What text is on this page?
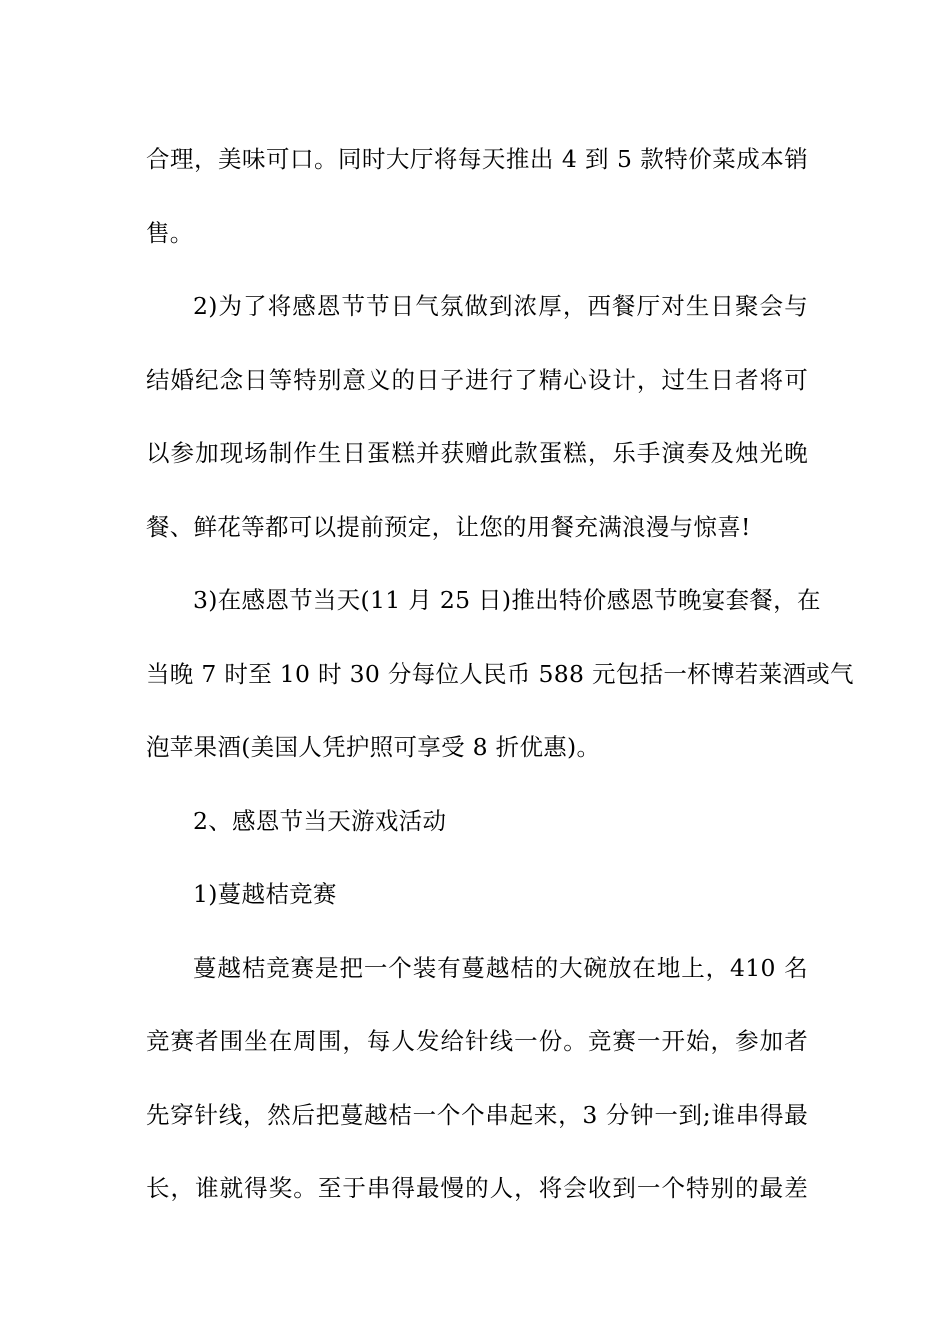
合理，美味可口。同时大厅将每天推出 4 到 5 款特价菜成本销
售。
2)为了将感恩节节日气氛做到浓厚，西餐厅对生日聚会与
结婚纪念日等特别意义的日子进行了精心设计，过生日者将可
以参加现场制作生日蛋糕并获赠此款蛋糕，乐手演奏及烛光晚
餐、鲜花等都可以提前预定，让您的用餐充满浪漫与惊喜!
3)在感恩节当天(11 月 25 日)推出特价感恩节晚宴套餐，在
当晚 7 时至 10 时 30 分每位人民币 588 元包括一杯博若莱酒或气
泡苹果酒(美国人凭护照可享受 8 折优惠)。
2、感恩节当天游戏活动
1)蔓越桔竞赛
蔓越桔竞赛是把一个装有蔓越桔的大碗放在地上，410 名
竞赛者围坐在周围，每人发给针线一份。竞赛一开始，参加者
先穿针线，然后把蔓越桔一个个串起来，3 分钟一到;谁串得最
长，谁就得奖。至于串得最慢的人，将会收到一个特别的最差
